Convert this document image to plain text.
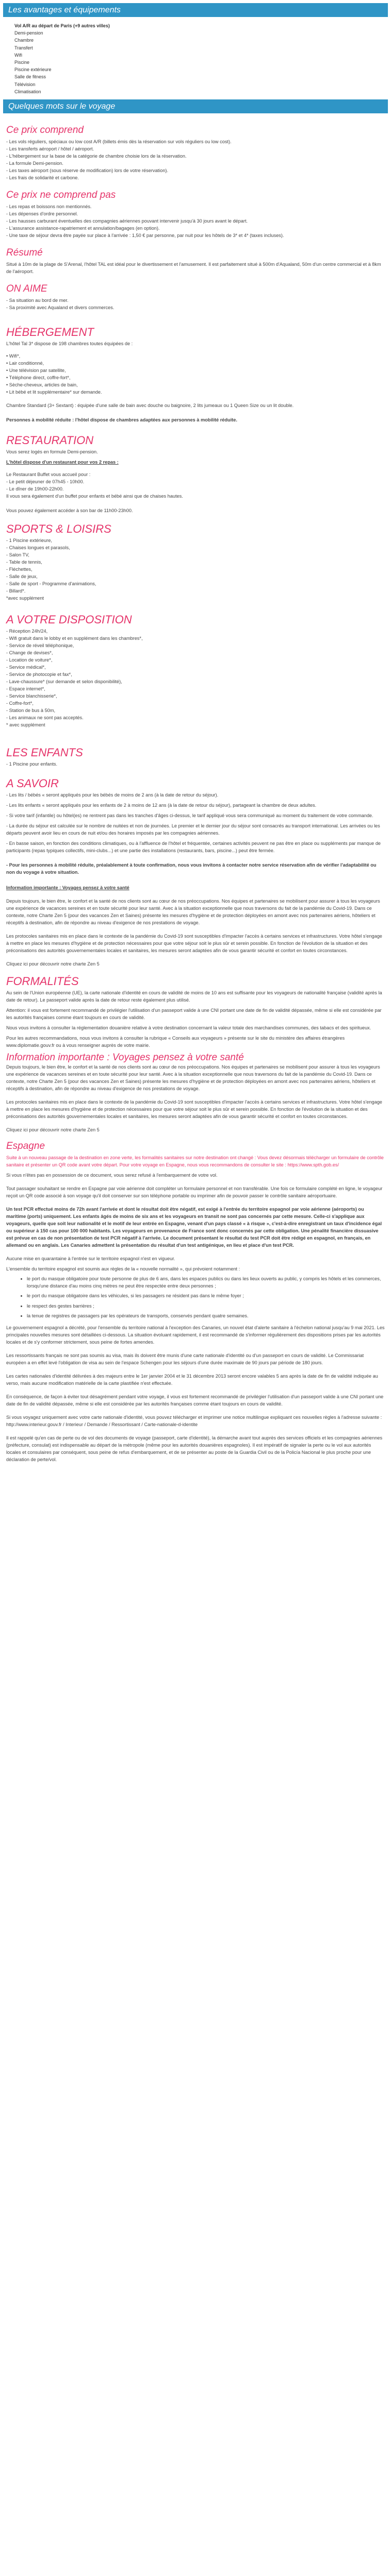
Les avantages et équipements
Vol A/R au départ de Paris (+9 autres villes)
Demi-pension
Chambre
Transfert
Wifi
Piscine
Piscine extérieure
Salle de fitness
Télévision
Climatisation
Quelques mots sur le voyage
Ce prix comprend

- Les vols réguliers, spéciaux ou low cost A/R (billets émis dès la réservation sur vols réguliers ou low cost).

- Les transferts aéroport / hôtel / aéroport.

- L'hébergement sur la base de la catégorie de chambre choisie lors de la réservation.

- La formule Demi-pension.

- Les taxes aéroport (sous réserve de modification) lors de votre réservation).

- Les frais de solidarité et carbone.

Ce prix ne comprend pas

- Les repas et boissons non mentionnés.

- Les dépenses d'ordre personnel.

- Les hausses carburant éventuelles des compagnies aériennes pouvant intervenir jusqu'à 30 jours avant le départ.

- L'assurance assistance-rapatriement et annulation/bagages (en option).

- Une taxe de séjour devra être payée sur place à l'arrivée : 1,50 € par personne, par nuit pour les hôtels de 3* et 4* (taxes incluses).

Résumé

Situé à 10m de la plage de S'Arenal, l'hôtel TAL est idéal pour le divertissement et l'amusement. Il est parfaitement situé à 500m d'Aqualand, 50m d'un centre commercial et à 8km de l'aéroport.

ON AIME

- Sa situation au bord de mer.

- Sa proximité avec Aqualand et divers commerces.

HÉBERGEMENT

L'hôtel Tal 3* dispose de 198 chambres toutes équipées de :

• Wifi*,

• Lair conditionné,

• Une télévision par satellite,

• Téléphone direct, coffre-fort*,

• Sèche-cheveux, articles de bain,

• Lit bébé et lit supplémentaire* sur demande.

Chambre Standard (3+ Sextant) : équipée d'une salle de bain avec douche ou baignoire, 2 lits jumeaux ou 1 Queen Size ou un lit double.

Personnes à mobilité réduite : l'hôtel dispose de chambres adaptées aux personnes à mobilité réduite.

RESTAURATION

Vous serez logés en formule Demi-pension.

L'hôtel dispose d'un restaurant pour vos 2 repas :

Le Restaurant Buffet vous accueil pour :

- Le petit déjeuner de 07h45 - 10h00.

- Le dîner de 19h00-22h00.

Il vous sera également d'un buffet pour enfants et bébé ainsi que de chaises hautes.

Vous pouvez également accéder à son bar de 11h00-23h00.

SPORTS & LOISIRS

- 1 Piscine extérieure,

- Chaises longues et parasols,

- Salon TV,

- Table de tennis,

- Fléchettes,

- Salle de jeux,

- Salle de sport - Programme d'animations,

- Billard*.

*avec supplément

A VOTRE DISPOSITION

- Réception 24h/24,

- Wifi gratuit dans le lobby et en supplément dans les chambres*,

- Service de réveil téléphonique,

- Change de devises*,

- Location de voiture*,

- Service médical*,

- Service de photocopie et fax*,

- Lave-chaussure* (sur demande et selon disponibilité),

- Espace internet*,

- Service blanchisserie*,

- Coffre-fort*,

- Station de bus à 50m,

- Les animaux ne sont pas acceptés.

* avec supplément

LES ENFANTS

- 1 Piscine pour enfants.

A SAVOIR

- Les lits / bébés « seront appliqués pour les bébés de moins de 2 ans (à la date de retour du séjour).

- Les lits enfants « seront appliqués pour les enfants de 2 à moins de 12 ans (à la date de retour du séjour), partageant la chambre de deux adultes.

- Si votre tarif (infantile) ou hôtel(es) ne rentrent pas dans les tranches d'âges ci-dessus, le tarif appliqué vous sera communiqué au moment du traitement de votre commande.

- La durée du séjour est calculée sur le nombre de nuitées et non de journées. Le premier et le dernier jour du séjour sont consacrés au transport international. Les arrivées ou les départs peuvent avoir lieu en cours de nuit et/ou des horaires imposés par les compagnies aériennes.

- En basse saison, en fonction des conditions climatiques, ou à l'affluence de l'hôtel et fréquentée, certaines activités peuvent ne pas être en place ou suppléments par manque de participants (repas typiques collectifs, mini-clubs...) et une partie des installations (restaurants, bars, piscine...) peut être fermée.

- Pour les personnes à mobilité réduite, préalablement à toute confirmation, nous vous invitons à contacter notre service réservation afin de vérifier l'adaptabilité ou non du voyage à votre situation.

Information importante : Voyages pensez à votre santé

Depuis toujours, le bien être, le confort et la santé de nos clients sont au cœur de nos préoccupations. Nos équipes et partenaires se mobilisent pour assurer à tous les voyageurs une expérience de vacances sereines et en toute sécurité pour leur santé. Avec à la situation exceptionnelle que nous traversons du fait de la pandémie du Covid-19. Dans ce contexte, notre Charte Zen 5 (pour des vacances Zen et Saines) présente les mesures d'hygiène et de protection déployées en amont avec nos partenaires aériens, hôteliers et réceptifs à destination, afin de répondre au niveau d'exigence de nos prestations de voyage.

Les protocoles sanitaires mis en place dans le contexte de la pandémie du Covid-19 sont susceptibles d'impacter l'accès à certains services et infrastructures. Votre hôtel s'engage à mettre en place les mesures d'hygiène et de protection nécessaires pour que votre séjour soit le plus sûr et serein possible. En fonction de l'évolution de la situation et des préconisations des autorités gouvernementales locales et sanitaires, les mesures seront adaptées afin de vous garantir sécurité et confort en toutes circonstances.

Cliquez ici pour découvrir notre charte Zen 5

FORMALITÉS

Au sein de l'Union européenne (UE), la carte nationale d'identité en cours de validité de moins de 10 ans est suffisante pour les voyageurs de nationalité française (validité après la date de retour). Le passeport valide après la date de retour reste également plus utilisé.

Attention: il vous est fortement recommandé de privilégier l'utilisation d'un passeport valide à une CNI portant une date de fin de validité dépassée, même si elle est considérée par les autorités françaises comme étant toujours en cours de validité.

Nous vous invitons à consulter la réglementation douanière relative à votre destination concernant la valeur totale des marchandises communes, des tabacs et des spiritueux.

Pour les autres recommandations, nous vous invitons à consulter la rubrique « Conseils aux voyageurs » présente sur le site du ministère des affaires étrangères www.diplomatie.gouv.fr ou à vous renseigner auprès de votre mairie.

Information importante : Voyages pensez à votre santé

Depuis toujours, le bien être, le confort et la santé de nos clients sont au cœur de nos préoccupations. Nos équipes et partenaires se mobilisent pour assurer à tous les voyageurs une expérience de vacances sereines et en toute sécurité pour leur santé. Avec à la situation exceptionnelle que nous traversons du fait de la pandémie du Covid-19. Dans ce contexte, notre Charte Zen 5 (pour des vacances Zen et Saines) présente les mesures d'hygiène et de protection déployées en amont avec nos partenaires aériens, hôteliers et réceptifs à destination, afin de répondre au niveau d'exigence de nos prestations de voyage.

Les protocoles sanitaires mis en place dans le contexte de la pandémie du Covid-19 sont susceptibles d'impacter l'accès à certains services et infrastructures. Votre hôtel s'engage à mettre en place les mesures d'hygiène et de protection nécessaires pour que votre séjour soit le plus sûr et serein possible. En fonction de l'évolution de la situation et des préconisations des autorités gouvernementales locales et sanitaires, les mesures seront adaptées afin de vous garantir sécurité et confort en toutes circonstances.

Cliquez ici pour découvrir notre charte Zen 5

Espagne

Suite à un nouveau passage de la destination en zone verte, les formalités sanitaires sur notre destination ont changé : Vous devez désormais télécharger un formulaire de contrôle sanitaire et présenter un QR code avant votre départ. Pour votre voyage en Espagne, nous vous recommandons de consulter le site : https://www.spth.gob.es/

Si vous n'êtes pas en possession de ce document, vous serez refusé à l'embarquement de votre vol.

Tout passager souhaitant se rendre en Espagne par voie aérienne doit compléter un formulaire personnel et non transférable. Une fois ce formulaire complété en ligne, le voyageur reçoit un QR code associé à son voyage qu'il doit conserver sur son téléphone portable ou imprimer afin de pouvoir passer le contrôle sanitaire aéroportuaire.

Un test PCR effectué moins de 72h avant l'arrivée et dont le résultat doit être négatif, est exigé à l'entrée du territoire espagnol par voie aérienne (aéroports) ou maritime (ports) uniquement. Les enfants âgés de moins de six ans et les voyageurs en transit ne sont pas concernés par cette mesure. Celle-ci s'applique aux voyageurs, quelle que soit leur nationalité et le motif de leur entrée en Espagne, venant d'un pays classé « à risque », c'est-à-dire enregistrant un taux d'incidence égal ou supérieur à 150 cas pour 100 000 habitants. Les voyageurs en provenance de France sont donc concernés par cette obligation. Une pénalité financière dissuasive est prévue en cas de non présentation de test PCR négatif à l'arrivée. Le document présentant le résultat du test PCR doit être rédigé en espagnol, en français, en allemand ou en anglais. Les Canaries admettent la présentation du résultat d'un test antigénique, en lieu et place d'un test PCR.

Aucune mise en quarantaine à l'entrée sur le territoire espagnol n'est en vigueur.

L'ensemble du territoire espagnol est soumis aux règles de la « nouvelle normalité », qui prévoient notamment :

• le port du masque obligatoire pour toute personne de plus de 6 ans, dans les espaces publics ou dans les lieux ouverts au public, y compris les hôtels et les commerces, lorsqu'une distance d'au moins cinq mètres ne peut être respectée entre deux personnes ;
• le port du masque obligatoire dans les véhicules, si les passagers ne résident pas dans le même foyer ;
• le respect des gestes barrières ;
• la tenue de registres de passagers par les opérateurs de transports, conservés pendant quatre semaines.

Le gouvernement espagnol a décrété, pour l'ensemble du territoire national à l'exception des Canaries, un nouvel état d'alerte sanitaire à l'échelon national jusqu'au 9 mai 2021. Les principales nouvelles mesures sont détaillées ci-dessous. La situation évoluant rapidement, il est recommandé de s'informer régulièrement des dispositions prises par les autorités locales et de s'y conformer strictement, sous peine de fortes amendes.

Les ressortissants français ne sont pas soumis au visa, mais ils doivent être munis d'une carte nationale d'identité ou d'un passeport en cours de validité. Le Commissariat européen a en effet levé l'obligation de visa au sein de l'espace Schengen pour les séjours d'une durée maximale de 90 jours par période de 180 jours.

Les cartes nationales d'identité délivrées à des majeurs entre le 1er janvier 2004 et le 31 décembre 2013 seront encore valables 5 ans après la date de fin de validité indiquée au verso, mais aucune modification matérielle de la carte plastifiée n'est effectuée.

En conséquence, de façon à éviter tout désagrément pendant votre voyage, il vous est fortement recommandé de privilégier l'utilisation d'un passeport valide à une CNI portant une date de fin de validité dépassée, même si elle est considérée par les autorités françaises comme étant toujours en cours de validité.

Si vous voyagez uniquement avec votre carte nationale d'identité, vous pouvez télécharger et imprimer une notice multilingue expliquant ces nouvelles règles à l'adresse suivante : http://www.interieur.gouv.fr / Interieur / Demande / Ressortissant / Carte-nationale-d-identite

Il est rappelé qu'en cas de perte ou de vol des documents de voyage (passeport, carte d'identité), la démarche avant tout auprès des services officiels et les compagnies aériennes (préfecture, consulat) est indispensable au départ de la métropole (même pour les autorités douanières espagnoles). Il est impératif de signaler la perte ou le vol aux autorités locales et consulaires par conséquent, sous peine de refus d'embarquement, et de se présenter au poste de la Guardia Civil ou de la Policía Nacional le plus proche pour une déclaration de perte/vol.
